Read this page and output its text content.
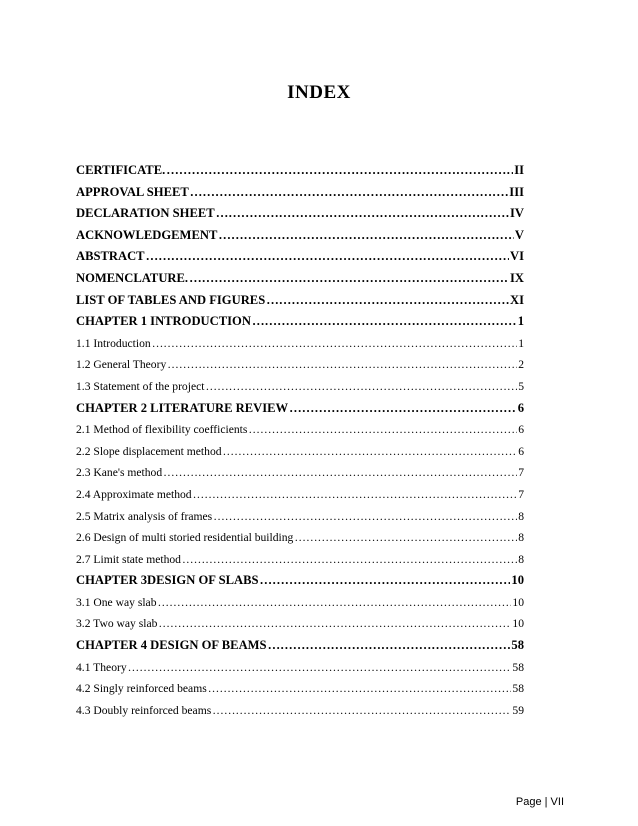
INDEX
CERTIFICATE. ………………………………………………………………………………………………………………………………………………	II
APPROVAL SHEET ………………………………………………………………………………………………………………………………………………	III
DECLARATION SHEET ………………………………………………………………………………………………………………………………………………	IV
ACKNOWLEDGEMENT ………………………………………………………………………………………………………………………………………………	V
ABSTRACT ………………………………………………………………………………………………………………………………………………	VI
NOMENCLATURE. ………………………………………………………………………………………………………………………………………………	IX
LIST OF TABLES AND FIGURES ………………………………………………………………………………………………………………………………………………	XI
CHAPTER 1 INTRODUCTION ………………………………………………………………………………………………………………………………………………	1
1.1 Introduction ………………………………………………………………………………………………………………………………………………	1
1.2 General Theory ………………………………………………………………………………………………………………………………………………	2
1.3 Statement of the project ………………………………………………………………………………………………………………………………………………	5
CHAPTER 2 LITERATURE REVIEW ………………………………………………………………………………………………………………………………………………	6
2.1 Method of flexibility coefficients ………………………………………………………………………………………………………………………………………………	6
2.2 Slope displacement method ………………………………………………………………………………………………………………………………………………	6
2.3 Kane's method ………………………………………………………………………………………………………………………………………………	7
2.4 Approximate method ………………………………………………………………………………………………………………………………………………	7
2.5 Matrix analysis of frames ………………………………………………………………………………………………………………………………………………	8
2.6 Design of multi storied residential building ………………………………………………………………………………………………………………………………………………	8
2.7 Limit state method ………………………………………………………………………………………………………………………………………………	8
CHAPTER 3DESIGN OF SLABS ………………………………………………………………………………………………………………………………………………	10
3.1 One way slab ………………………………………………………………………………………………………………………………………………	10
3.2 Two way slab ………………………………………………………………………………………………………………………………………………	10
CHAPTER 4 DESIGN OF BEAMS ………………………………………………………………………………………………………………………………………………	58
4.1 Theory ………………………………………………………………………………………………………………………………………………	58
4.2 Singly reinforced beams ………………………………………………………………………………………………………………………………………………	58
4.3 Doubly reinforced beams ………………………………………………………………………………………………………………………………………………	59
Page | VII
